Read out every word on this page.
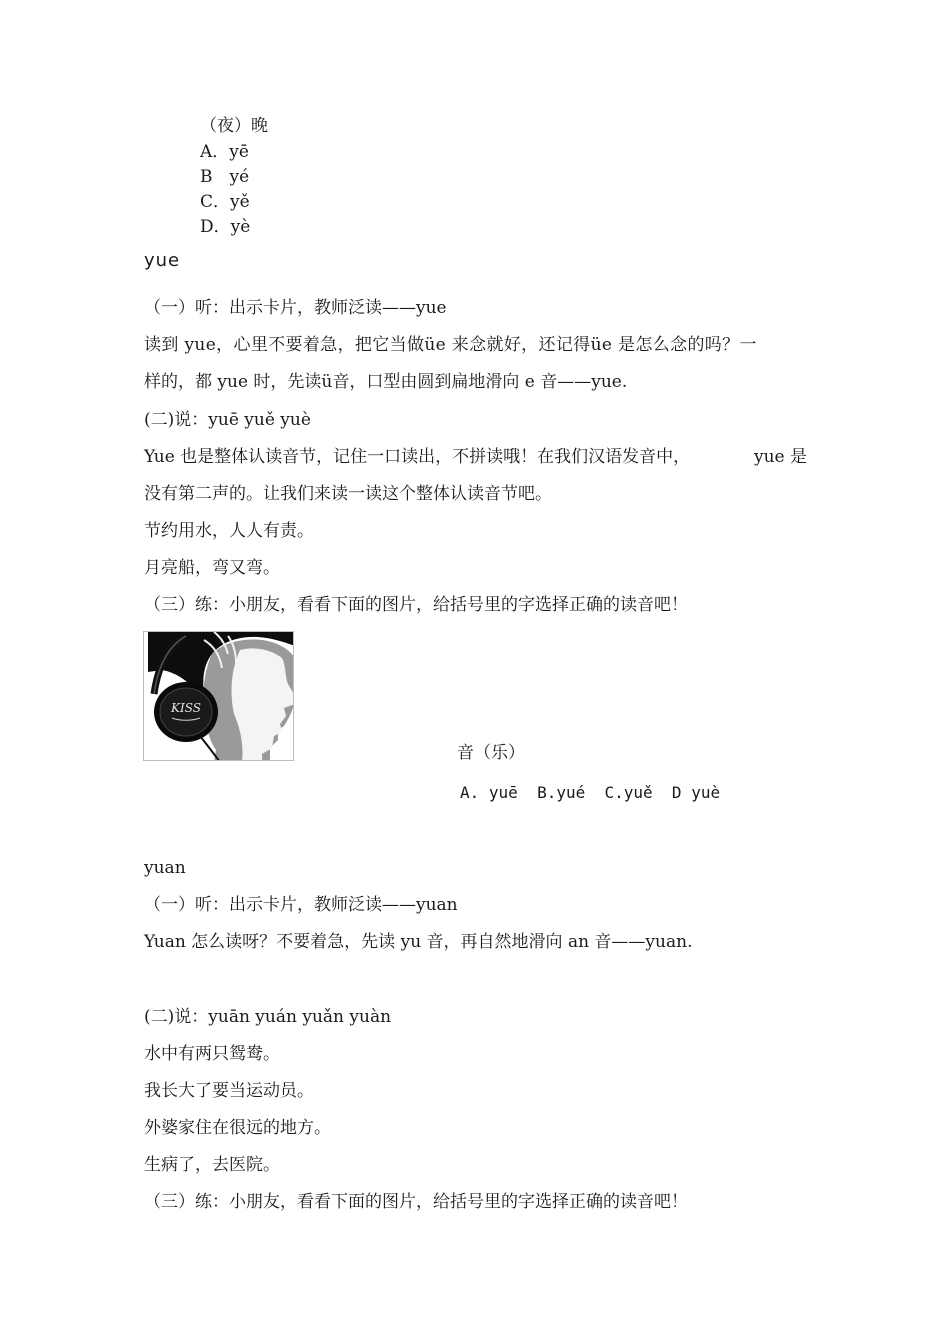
（夜）晚
A．yē
B　yé
C．yě
D．yè
yue
（一）听：出示卡片，教师泛读——yue
读到 yue，心里不要着急，把它当做üe 来念就好，还记得üe 是怎么念的吗？一
样的，都 yue 时，先读ü音，口型由圆到扁地滑向 e 音——yue.
(二)说：yuē yuě yuè
Yue 也是整体认读音节，记住一口读出，不拼读哦！在我们汉语发音中，	yue 是
没有第二声的。让我们来读一读这个整体认读音节吧。
节约用水，人人有责。
月亮船，弯又弯。
（三）练：小朋友，看看下面的图片，给括号里的字选择正确的读音吧！
KISS
音（乐）
A. yuē  B.yué  C.yuě  D yuè
yuan
（一）听：出示卡片，教师泛读——yuan
Yuan 怎么读呀？不要着急，先读 yu 音，再自然地滑向 an 音——yuan.
(二)说：yuān yuán yuǎn yuàn
水中有两只鸳鸯。
我长大了要当运动员。
外婆家住在很远的地方。
生病了，去医院。
（三）练：小朋友，看看下面的图片，给括号里的字选择正确的读音吧！
